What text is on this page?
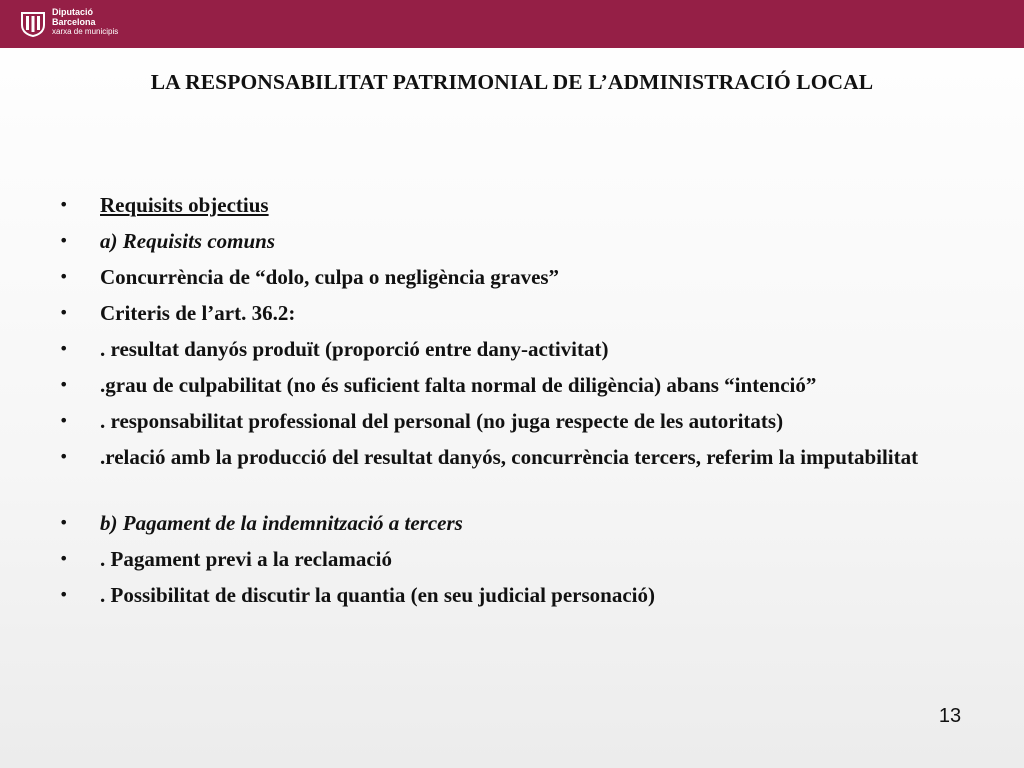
Diputació
Barcelona
xarxa de municipis
LA RESPONSABILITAT PATRIMONIAL DE L’ADMINISTRACIÓ LOCAL
• Requisits objectius
• a) Requisits comuns
• Concurrència de “dolo, culpa o negligència graves”
• Criteris de l’art. 36.2:
• . resultat danyós produït (proporció entre dany-activitat)
• .grau de culpabilitat (no és suficient falta normal de diligència) abans “intenció”
• . responsabilitat professional del personal (no juga respecte de les autoritats)
• .relació amb la producció del resultat danyós, concurrència tercers, referim la imputabilitat
• b) Pagament de la indemnització a tercers
• . Pagament previ a la reclamació
• . Possibilitat de discutir la quantia (en seu judicial personació)
13
